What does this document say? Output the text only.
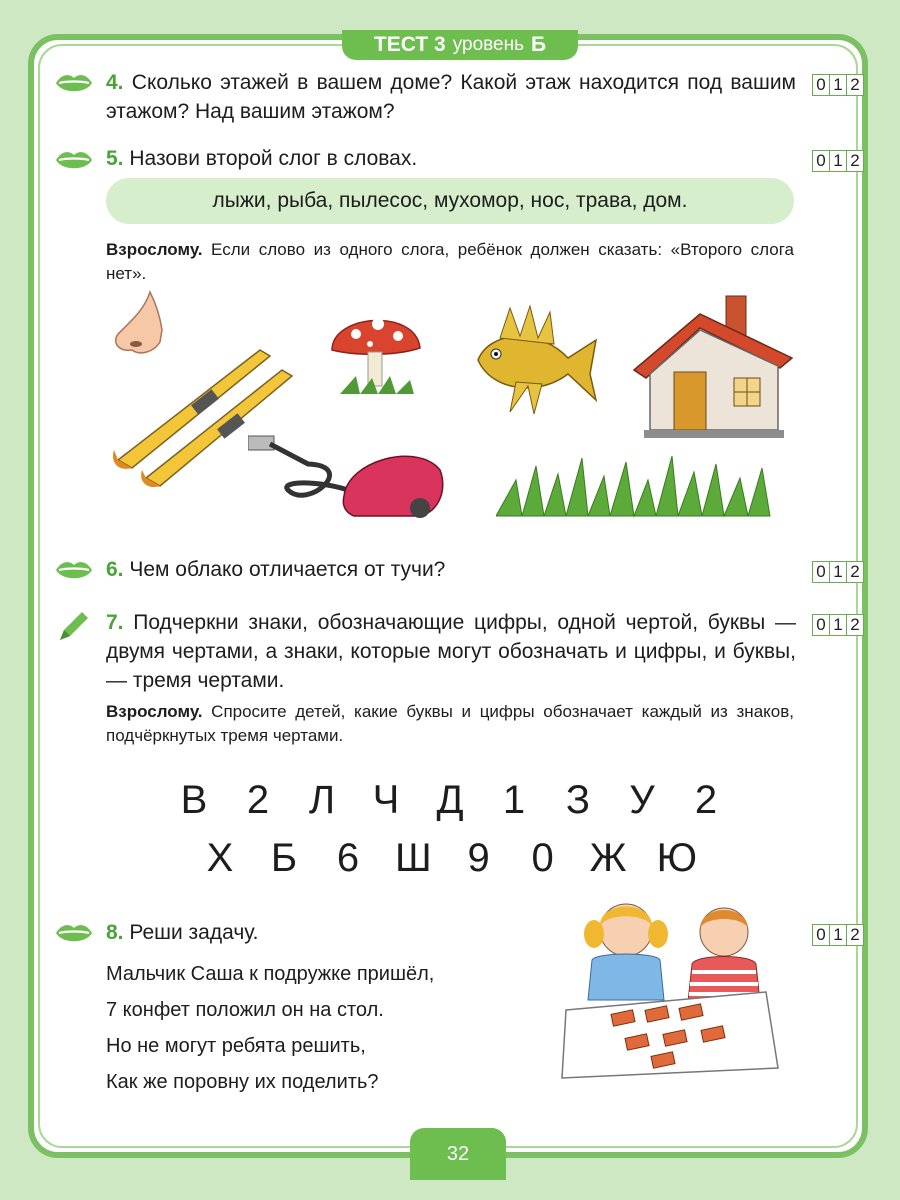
ТЕСТ 3 уровень Б
4. Сколько этажей в вашем доме? Какой этаж находится под вашим этажом? Над вашим этажом?
0 1 2
5. Назови второй слог в словах.	0 1 2
лыжи, рыба, пылесос, мухомор, нос, трава, дом.
Взрослому. Если слово из одного слога, ребёнок должен сказать: «Второго слога нет».
6. Чем облако отличается от тучи?	0 1 2
7. Подчеркни знаки, обозначающие цифры, одной чертой, буквы — двумя чертами, а знаки, которые могут обозначать и цифры, и буквы, — тремя чертами.
0 1 2
Взрослому. Спросите детей, какие буквы и цифры обозначает каждый из знаков, подчёркнутых тремя чертами.
В 2 Л Ч Д 1 З У 2
Х Б 6 Ш 9 0 Ж Ю
8. Реши задачу.	0 1 2
Мальчик Саша к подружке пришёл,
7 конфет положил он на стол.
Но не могут ребята решить,
Как же поровну их поделить?
32
